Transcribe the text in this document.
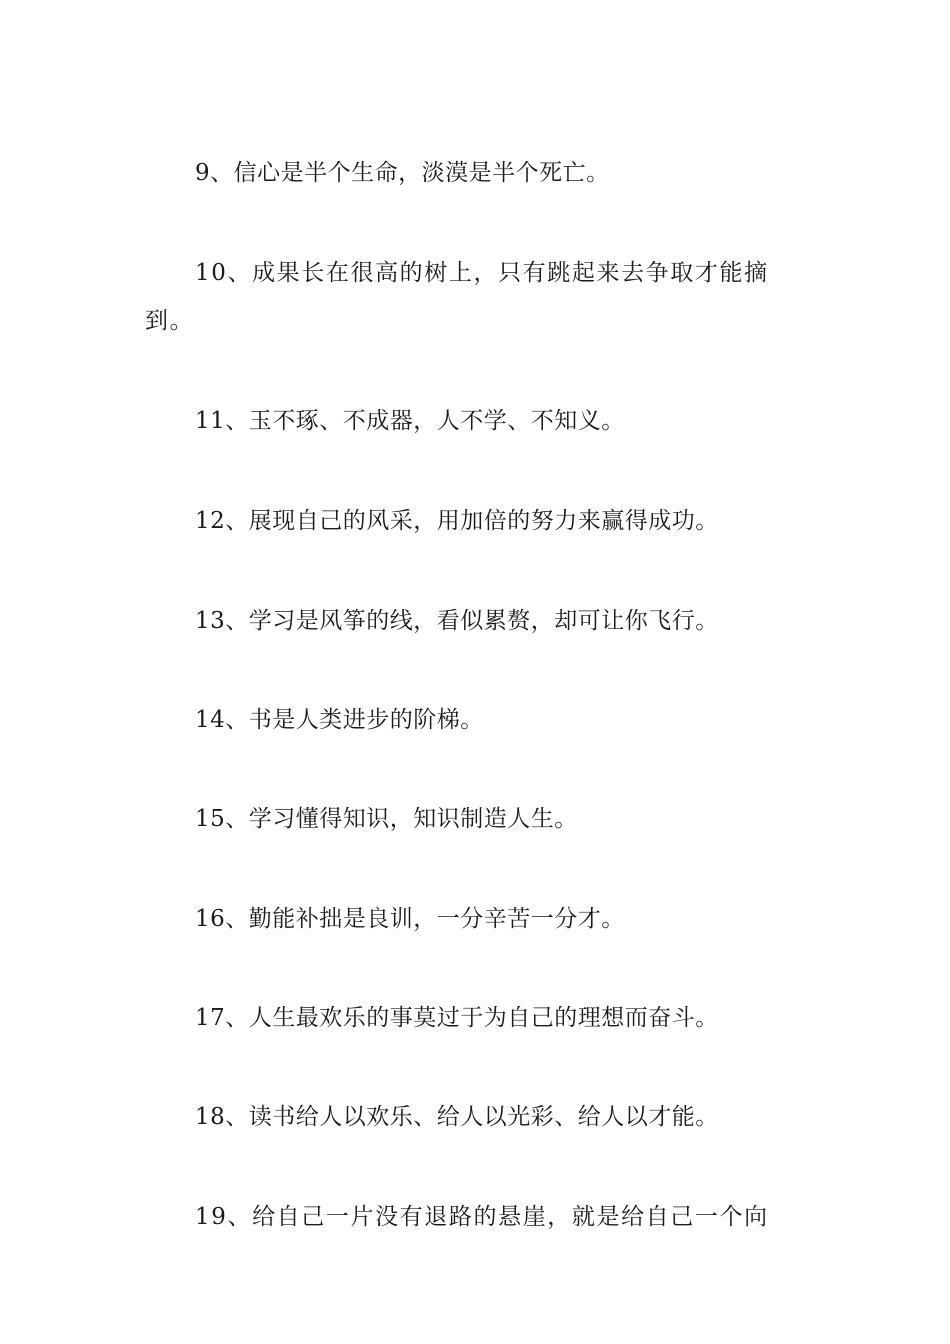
9、信心是半个生命，淡漠是半个死亡。

10、成果长在很高的树上，只有跳起来去争取才能摘到。

11、玉不琢、不成器，人不学、不知义。

12、展现自己的风采，用加倍的努力来赢得成功。

13、学习是风筝的线，看似累赘，却可让你飞行。

14、书是人类进步的阶梯。

15、学习懂得知识，知识制造人生。

16、勤能补拙是良训，一分辛苦一分才。

17、人生最欢乐的事莫过于为自己的理想而奋斗。

18、读书给人以欢乐、给人以光彩、给人以才能。

19、给自己一片没有退路的悬崖，就是给自己一个向
